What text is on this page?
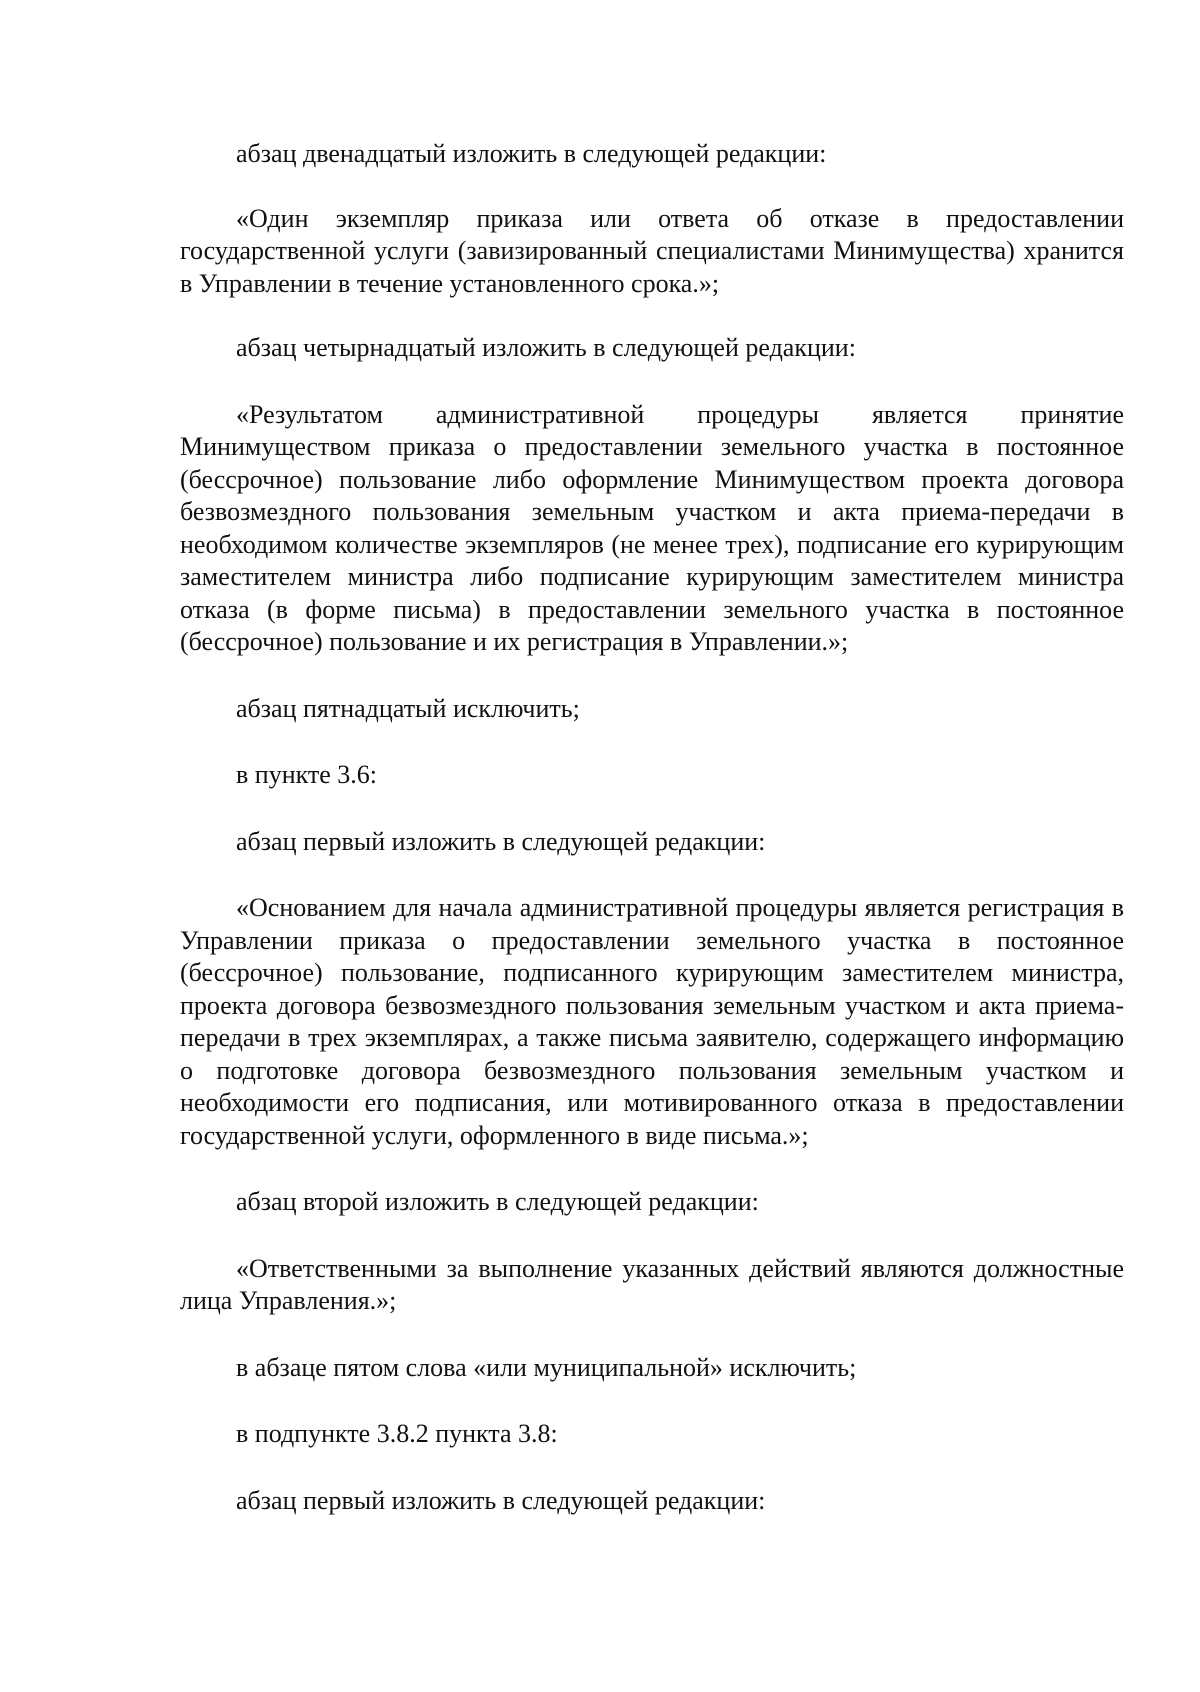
абзац двенадцатый изложить в следующей редакции:

«Один экземпляр приказа или ответа об отказе в предоставлении государственной услуги (завизированный специалистами Минимущества) хранится в Управлении в течение установленного срока.»;

абзац четырнадцатый изложить в следующей редакции:

«Результатом административной процедуры является принятие Минимуществом приказа о предоставлении земельного участка в постоянное (бессрочное) пользование либо оформление Минимуществом проекта договора безвозмездного пользования земельным участком и акта приема-передачи в необходимом количестве экземпляров (не менее трех), подписание его курирующим заместителем министра либо подписание курирующим заместителем министра отказа (в форме письма) в предоставлении земельного участка в постоянное (бессрочное) пользование и их регистрация в Управлении.»;

абзац пятнадцатый исключить;

в пункте 3.6:

абзац первый изложить в следующей редакции:

«Основанием для начала административной процедуры является регистрация в Управлении приказа о предоставлении земельного участка в постоянное (бессрочное) пользование, подписанного курирующим заместителем министра, проекта договора безвозмездного пользования земельным участком и акта приема-передачи в трех экземплярах, а также письма заявителю, содержащего информацию о подготовке договора безвозмездного пользования земельным участком и необходимости его подписания, или мотивированного отказа в предоставлении государственной услуги, оформленного в виде письма.»;

абзац второй изложить в следующей редакции:

«Ответственными за выполнение указанных действий являются должностные лица Управления.»;

в абзаце пятом слова «или муниципальной» исключить;

в подпункте 3.8.2 пункта 3.8:

абзац первый изложить в следующей редакции:
